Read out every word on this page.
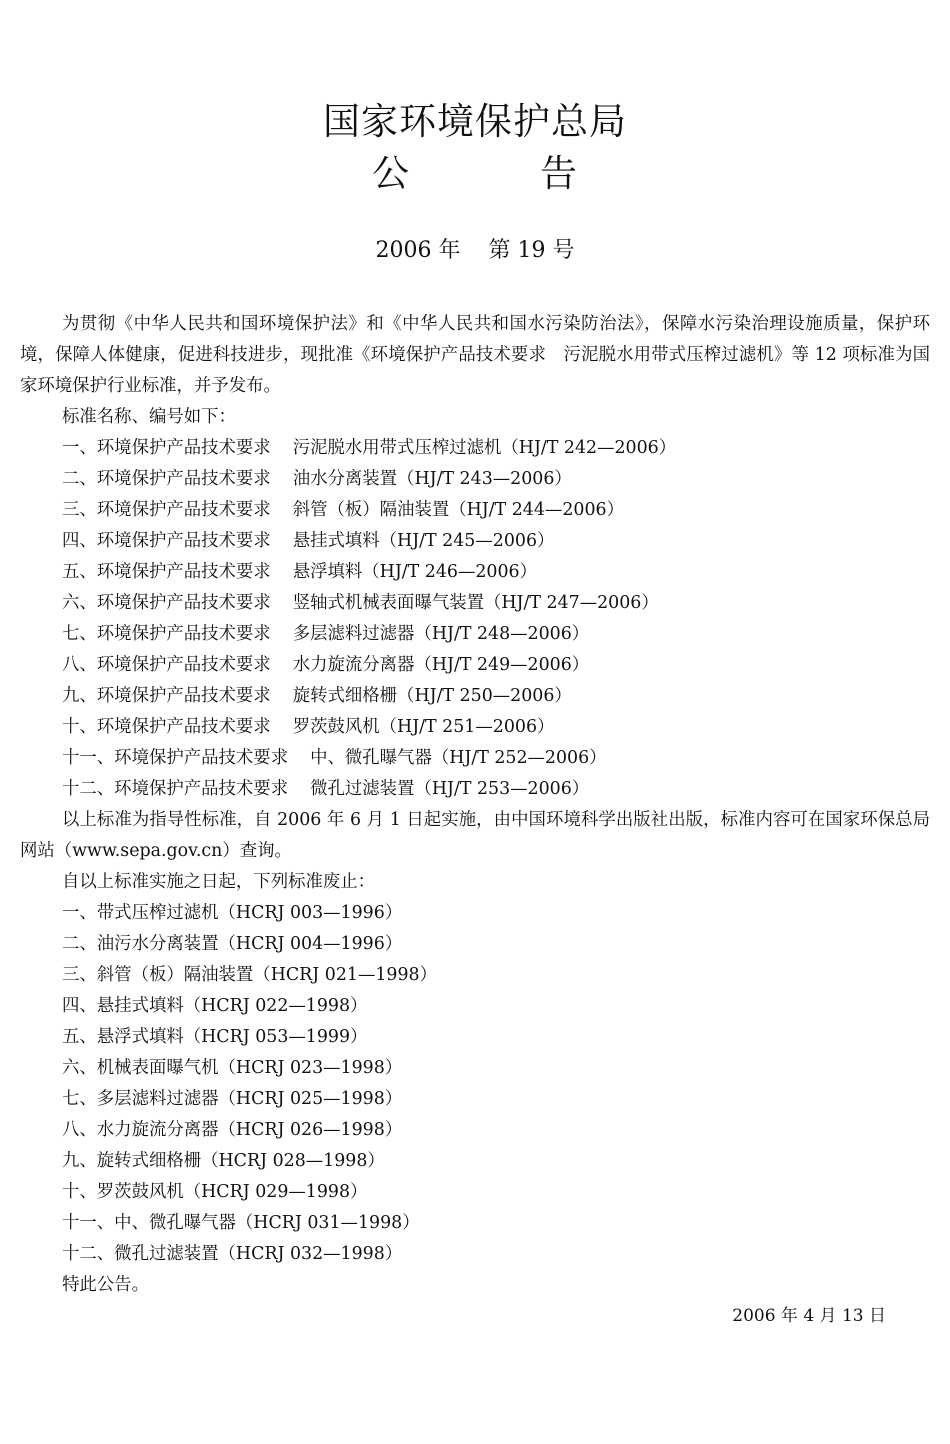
国家环境保护总局
公	告
2006 年 第 19 号

为贯彻《中华人民共和国环境保护法》和《中华人民共和国水污染防治法》，保障水污染治理设施质量，保护环境，保障人体健康，促进科技进步，现批准《环境保护产品技术要求　污泥脱水用带式压榨过滤机》等 12 项标准为国家环境保护行业标准，并予发布。

标准名称、编号如下：

一、环境保护产品技术要求 污泥脱水用带式压榨过滤机（HJ/T 242—2006）

二、环境保护产品技术要求 油水分离装置（HJ/T 243—2006）

三、环境保护产品技术要求 斜管（板）隔油装置（HJ/T 244—2006）

四、环境保护产品技术要求 悬挂式填料（HJ/T 245—2006）

五、环境保护产品技术要求 悬浮填料（HJ/T 246—2006）

六、环境保护产品技术要求 竖轴式机械表面曝气装置（HJ/T 247—2006）

七、环境保护产品技术要求 多层滤料过滤器（HJ/T 248—2006）

八、环境保护产品技术要求 水力旋流分离器（HJ/T 249—2006）

九、环境保护产品技术要求 旋转式细格栅（HJ/T 250—2006）

十、环境保护产品技术要求 罗茨鼓风机（HJ/T 251—2006）

十一、环境保护产品技术要求 中、微孔曝气器（HJ/T 252—2006）

十二、环境保护产品技术要求 微孔过滤装置（HJ/T 253—2006）

以上标准为指导性标准，自 2006 年 6 月 1 日起实施，由中国环境科学出版社出版，标准内容可在国家环保总局网站（www.sepa.gov.cn）查询。

自以上标准实施之日起，下列标准废止：

一、带式压榨过滤机（HCRJ 003—1996）

二、油污水分离装置（HCRJ 004—1996）

三、斜管（板）隔油装置（HCRJ 021—1998）

四、悬挂式填料（HCRJ 022—1998）

五、悬浮式填料（HCRJ 053—1999）

六、机械表面曝气机（HCRJ 023—1998）

七、多层滤料过滤器（HCRJ 025—1998）

八、水力旋流分离器（HCRJ 026—1998）

九、旋转式细格栅（HCRJ 028—1998）

十、罗茨鼓风机（HCRJ 029—1998）

十一、中、微孔曝气器（HCRJ 031—1998）

十二、微孔过滤装置（HCRJ 032—1998）

特此公告。

2006 年 4 月 13 日
